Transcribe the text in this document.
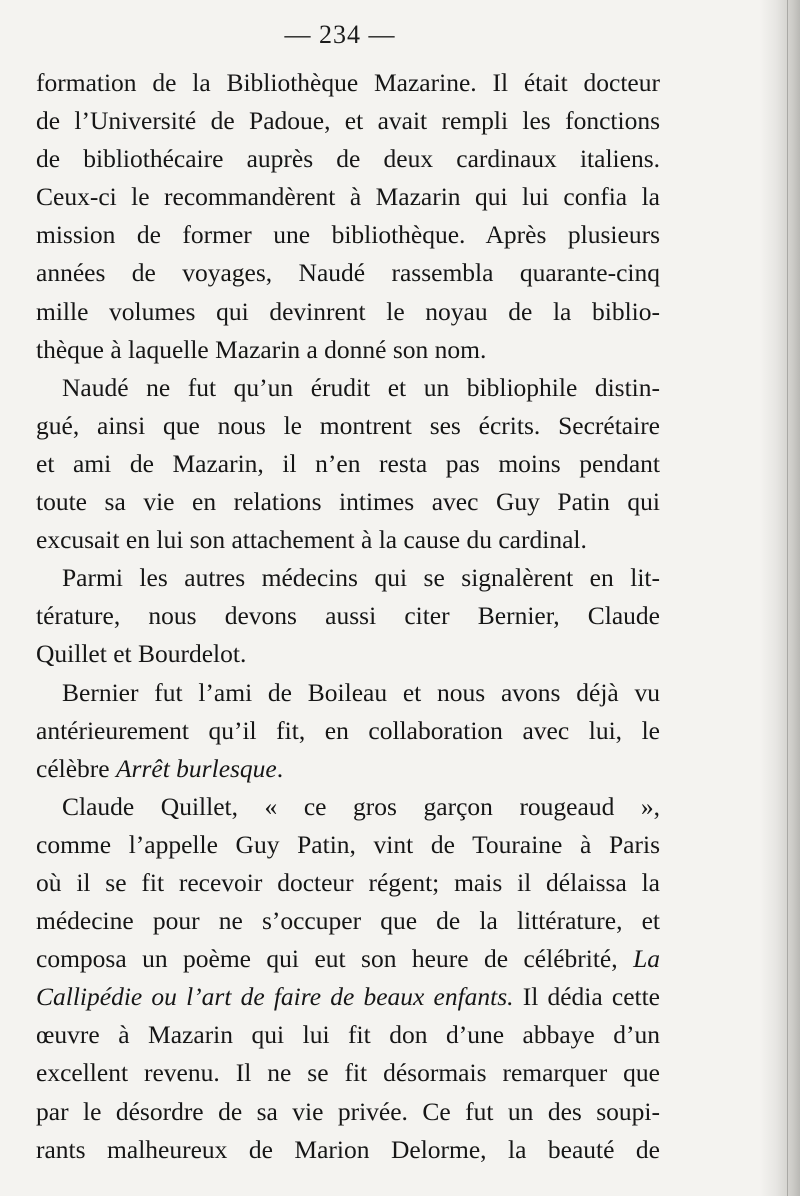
— 234 —
formation de la Bibliothèque Mazarine. Il était docteur
de l’Université de Padoue, et avait rempli les fonctions
de bibliothécaire auprès de deux cardinaux italiens.
Ceux-ci le recommandèrent à Mazarin qui lui confia la
mission de former une bibliothèque. Après plusieurs
années de voyages, Naudé rassembla quarante-cinq
mille volumes qui devinrent le noyau de la biblio-
thèque à laquelle Mazarin a donné son nom.
Naudé ne fut qu’un érudit et un bibliophile distin-
gué, ainsi que nous le montrent ses écrits. Secrétaire
et ami de Mazarin, il n’en resta pas moins pendant
toute sa vie en relations intimes avec Guy Patin qui
excusait en lui son attachement à la cause du cardinal.
Parmi les autres médecins qui se signalèrent en lit-
térature, nous devons aussi citer Bernier, Claude
Quillet et Bourdelot.
Bernier fut l’ami de Boileau et nous avons déjà vu
antérieurement qu’il fit, en collaboration avec lui, le
célèbre Arrêt burlesque.
Claude Quillet, « ce gros garçon rougeaud »,
comme l’appelle Guy Patin, vint de Touraine à Paris
où il se fit recevoir docteur régent; mais il délaissa la
médecine pour ne s’occuper que de la littérature, et
composa un poème qui eut son heure de célébrité, La
Callipédie ou l’art de faire de beaux enfants. Il dédia cette
œuvre à Mazarin qui lui fit don d’une abbaye d’un
excellent revenu. Il ne se fit désormais remarquer que
par le désordre de sa vie privée. Ce fut un des soupi-
rants malheureux de Marion Delorme, la beauté de
